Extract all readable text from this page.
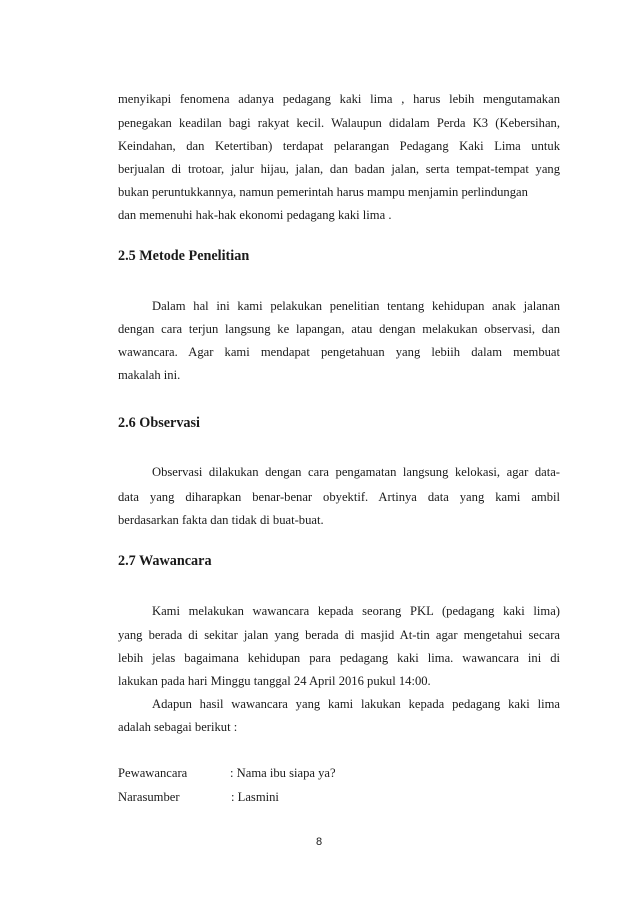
menyikapi fenomena adanya pedagang kaki lima , harus lebih mengutamakan
penegakan keadilan bagi rakyat kecil. Walaupun didalam Perda K3 (Kebersihan,
Keindahan, dan Ketertiban) terdapat pelarangan Pedagang Kaki Lima untuk
berjualan di trotoar, jalur hijau, jalan, dan badan jalan, serta tempat-tempat yang
bukan peruntukkannya, namun pemerintah harus mampu menjamin perlindungan
dan memenuhi hak-hak ekonomi pedagang kaki lima .
2.5 Metode Penelitian
Dalam hal ini kami pelakukan penelitian tentang kehidupan anak jalanan
dengan cara terjun langsung ke lapangan, atau dengan melakukan observasi, dan
wawancara. Agar kami mendapat pengetahuan yang lebiih dalam membuat
makalah ini.
2.6 Observasi
Observasi dilakukan dengan cara pengamatan langsung kelokasi, agar data-
data yang diharapkan benar-benar obyektif. Artinya data yang kami ambil
berdasarkan fakta dan tidak di buat-buat.
2.7 Wawancara
Kami melakukan wawancara kepada seorang PKL (pedagang kaki lima)
yang berada di sekitar jalan yang berada di masjid At-tin agar mengetahui secara
lebih jelas bagaimana kehidupan para pedagang kaki lima. wawancara ini di
lakukan pada hari Minggu tanggal 24 April 2016 pukul 14:00.
Adapun hasil wawancara yang kami lakukan kepada pedagang kaki lima
adalah sebagai berikut :
Pewawancara	: Nama ibu siapa ya?
Narasumber	: Lasmini
8
